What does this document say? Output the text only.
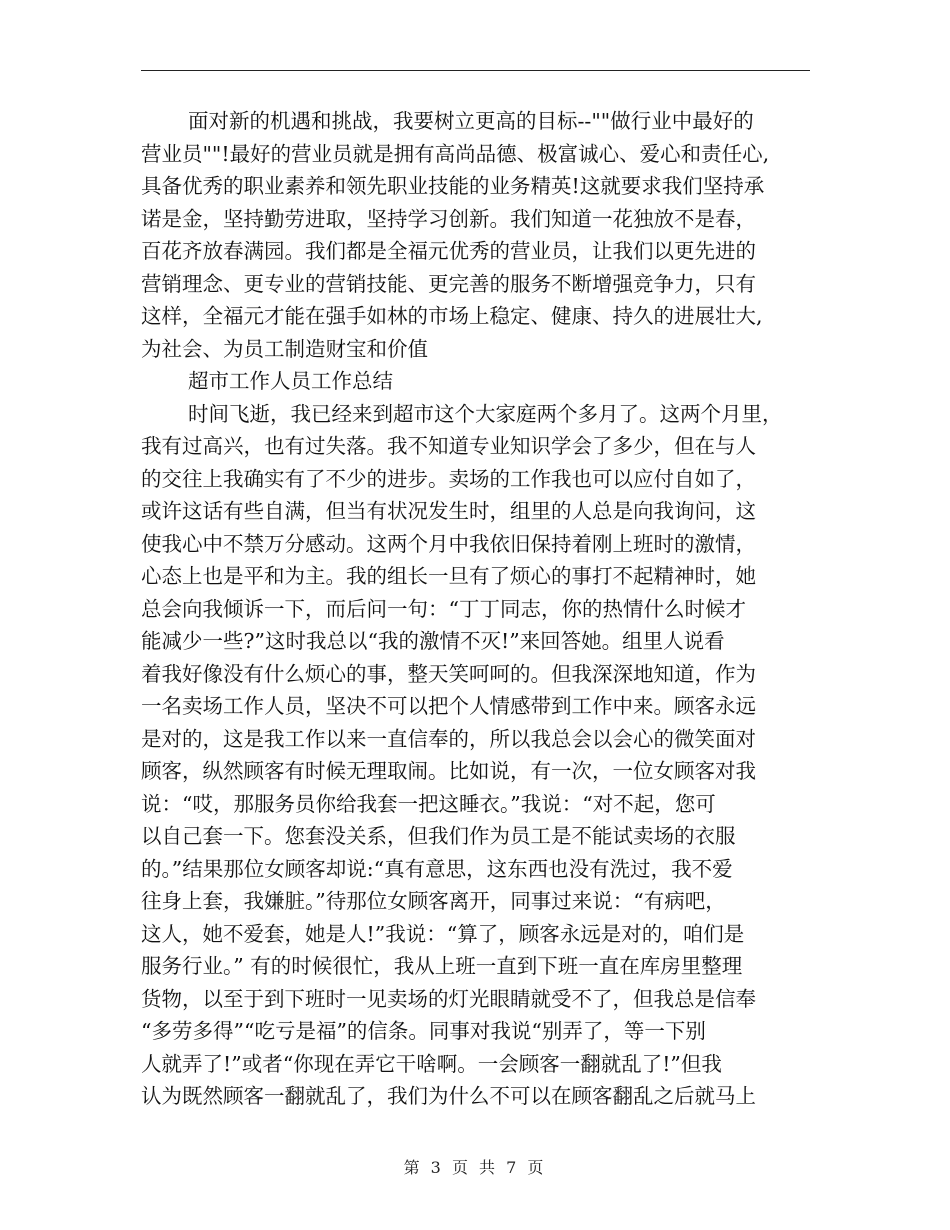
面对新的机遇和挑战，我要树立更高的目标--""做行业中最好的
营业员""!最好的营业员就是拥有高尚品德、极富诚心、爱心和责任心,
具备优秀的职业素养和领先职业技能的业务精英!这就要求我们坚持承
诺是金，坚持勤劳进取，坚持学习创新。我们知道一花独放不是春，
百花齐放春满园。我们都是全福元优秀的营业员，让我们以更先进的
营销理念、更专业的营销技能、更完善的服务不断增强竞争力，只有
这样，全福元才能在强手如林的市场上稳定、健康、持久的进展壮大,
为社会、为员工制造财宝和价值
超市工作人员工作总结
时间飞逝，我已经来到超市这个大家庭两个多月了。这两个月里，
我有过高兴，也有过失落。我不知道专业知识学会了多少，但在与人
的交往上我确实有了不少的进步。卖场的工作我也可以应付自如了，
或许这话有些自满，但当有状况发生时，组里的人总是向我询问，这
使我心中不禁万分感动。这两个月中我依旧保持着刚上班时的激情，
心态上也是平和为主。我的组长一旦有了烦心的事打不起精神时，她
总会向我倾诉一下，而后问一句：“丁丁同志，你的热情什么时候才
能减少一些?”这时我总以“我的激情不灭!”来回答她。组里人说看
着我好像没有什么烦心的事，整天笑呵呵的。但我深深地知道，作为
一名卖场工作人员，坚决不可以把个人情感带到工作中来。顾客永远
是对的，这是我工作以来一直信奉的，所以我总会以会心的微笑面对
顾客，纵然顾客有时候无理取闹。比如说，有一次，一位女顾客对我
说：“哎，那服务员你给我套一把这睡衣。”我说：“对不起，您可
以自己套一下。您套没关系，但我们作为员工是不能试卖场的衣服
的。”结果那位女顾客却说:“真有意思，这东西也没有洗过，我不爱
往身上套，我嫌脏。”待那位女顾客离开，同事过来说：“有病吧，
这人，她不爱套，她是人!”我说：“算了，顾客永远是对的，咱们是
服务行业。” 有的时候很忙，我从上班一直到下班一直在库房里整理
货物，以至于到下班时一见卖场的灯光眼睛就受不了，但我总是信奉
“多劳多得”“吃亏是福”的信条。同事对我说“别弄了，等一下别
人就弄了!”或者“你现在弄它干啥啊。一会顾客一翻就乱了!”但我
认为既然顾客一翻就乱了，我们为什么不可以在顾客翻乱之后就马上
第 3 页 共 7 页
